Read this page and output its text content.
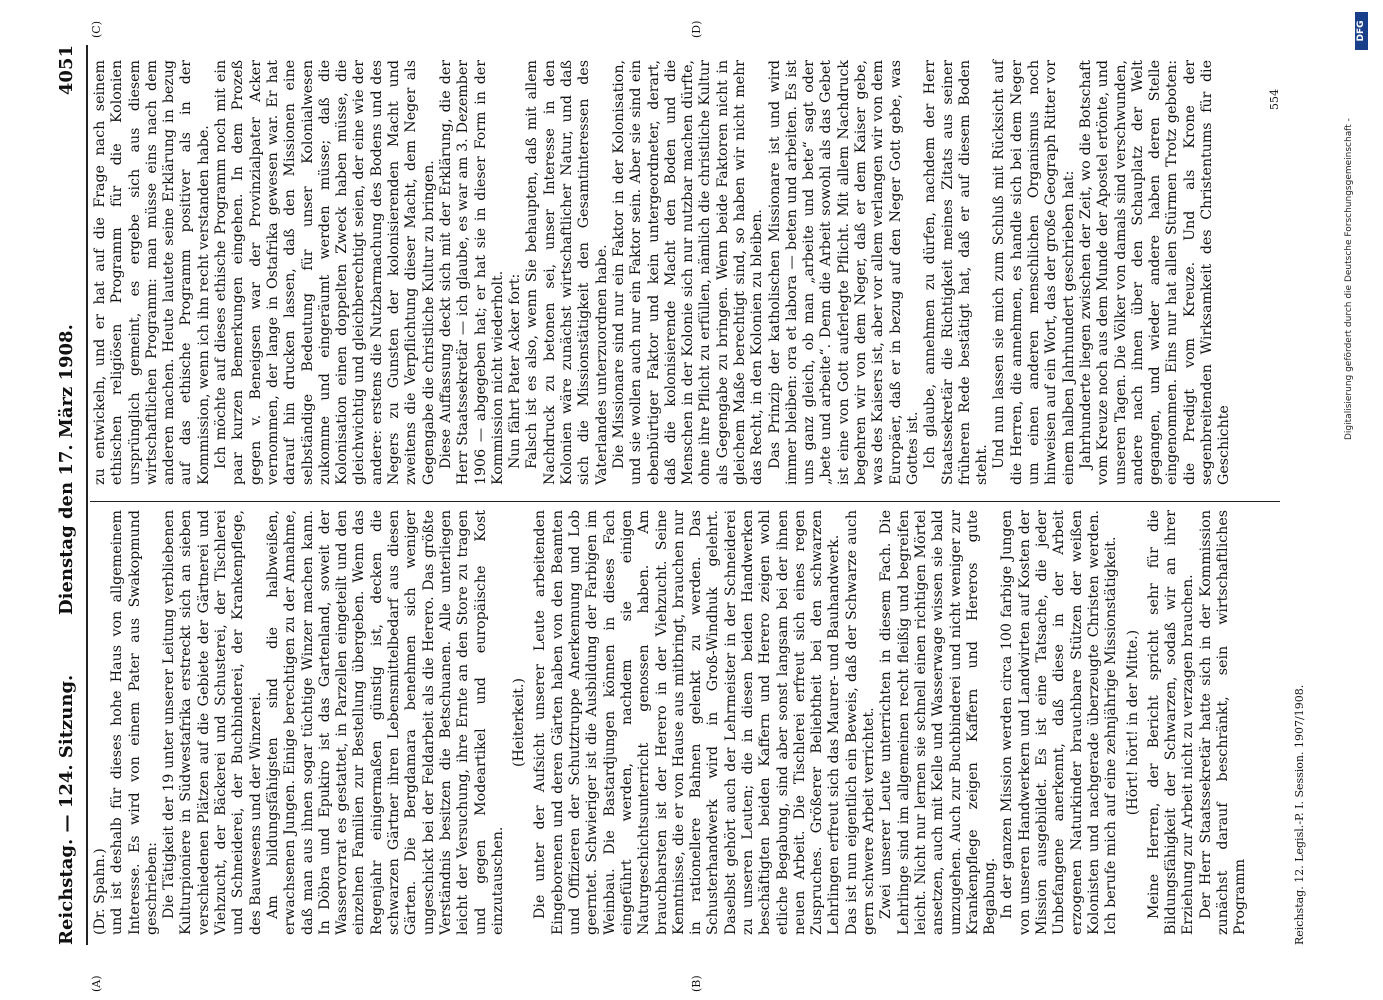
Reichstag. — 124. Sitzung.
Dienstag den 17. März 1908.
4051
(A)	(B)
(C)	(D)

(Dr. Spahn.) und ist deshalb für dieses hohe Haus von allgemeinem Interesse. Es wird von einem Pater aus Swakopmund geschrieben: Die Tätigkeit der 19 unter unserer Leitung verbliebenen Kulturpioniere in Südwestafrika erstreckt sich an sieben verschiedenen Plätzen auf die Gebiete der Gärtnerei und Viehzucht, der Bäckerei und Schusterei, der Tischlerei und Schneiderei, der Buchbinderei, der Krankenpflege, des Bauwesens und der Winzerei. Am bildungsfähigsten sind die halbweißen, erwachsenen Jungen. Einige berechtigen zu der Annahme, daß man aus ihnen sogar tüchtige Winzer machen kann. In Döbra und Epukiro ist das Gartenland, soweit der Wasservorrat es gestattet, in Parzellen eingeteilt und den einzelnen Familien zur Bestellung übergeben. Wenn das Regenjahr einigermaßen günstig ist, decken die schwarzen Gärtner ihren Lebensmittelbedarf aus diesen Gärten. Die Bergdamara benehmen sich weniger ungeschickt bei der Feldarbeit als die Herero. Das größte Verständnis besitzen die Betschuanen. Alle unterliegen leicht der Versuchung, ihre Ernte an den Store zu tragen und gegen Modeartikel und europäische Kost einzutauschen.

(Heiterkeit.) Die unter der Aufsicht unserer Leute arbeitenden Eingeborenen und deren Gärten haben von den Beamten und Offizieren der Schutztruppe Anerkennung und Lob geerntet. Schwieriger ist die Ausbildung der Farbigen im Weinbau. Die Bastardjungen können in dieses Fach eingeführt werden, nachdem sie einigen Naturgeschichtsunterricht genossen haben. Am brauchbarsten ist der Herero in der Viehzucht. Seine Kenntnisse, die er von Hause aus mitbringt, brauchen nur in rationellere Bahnen gelenkt zu werden. Das Schusterhandwerk wird in Groß-Windhuk gelehrt. Daselbst gehört auch der Lehrmeister in der Schneiderei zu unseren Leuten; die in diesen beiden Handwerken beschäftigten beiden Kaffern und Herero zeigen wohl etliche Begabung, sind aber sonst langsam bei der ihnen neuen Arbeit. Die Tischlerei erfreut sich eines regen Zuspruches. Größerer Beliebtheit bei den schwarzen Lehrlingen erfreut sich das Maurer- und Bauhandwerk. Das ist nun eigentlich ein Beweis, daß der Schwarze auch gern schwere Arbeit verrichtet. Zwei unserer Leute unterrichten in diesem Fach. Die Lehrlinge sind im allgemeinen recht fleißig und begreifen leicht. Nicht nur lernen sie schnell einen richtigen Mörtel ansetzen, auch mit Kelle und Wasserwage wissen sie bald umzugehen. Auch zur Buchbinderei und nicht weniger zur Krankenpflege zeigen Kaffern und Hereros gute Begabung. In der ganzen Mission werden circa 100 farbige Jungen von unseren Handwerkern und Landwirten auf Kosten der Mission ausgebildet. Es ist eine Tatsache, die jeder Unbefangene anerkennt, daß diese in der Arbeit erzogenen Naturkinder brauchbare Stützen der weißen Kolonisten und nachgerade überzeugte Christen werden. Ich berufe mich auf eine zehnjährige Missionstätigkeit. (Hört! hört! in der Mitte.) Meine Herren, der Bericht spricht sehr für die Bildungsfähigkeit der Schwarzen, sodaß wir an ihrer Erziehung zur Arbeit nicht zu verzagen brauchen. Der Herr Staatssekretär hatte sich in der Kommission zunächst darauf beschränkt, sein wirtschaftliches Programm

zu entwickeln, und er hat auf die Frage nach seinem ethischen religiösen Programm für die Kolonien ursprünglich gemeint, es ergebe sich aus diesem wirtschaftlichen Programm: man müsse eins nach dem anderen machen. Heute lautete seine Erklärung in bezug auf das ethische Programm positiver als in der Kommission, wenn ich ihn recht verstanden habe. Ich möchte auf dieses ethische Programm noch mit ein paar kurzen Bemerkungen eingehen. In dem Prozeß gegen v. Beneigsen war der Provinzialpater Acker vernommen, der lange in Ostafrika gewesen war. Er hat darauf hin drucken lassen, daß den Missionen eine selbständige Bedeutung für unser Kolonialwesen zukomme und eingeräumt werden müsse; daß die Kolonisation einen doppelten Zweck haben müsse, die gleichwichtig und gleichberechtigt seien, der eine wie der andere: erstens die Nutzbarmachung des Bodens und des Negers zu Gunsten der kolonisierenden Macht und zweitens die Verpflichtung dieser Macht, dem Neger als Gegengabe die christliche Kultur zu bringen. Diese Auffassung deckt sich mit der Erklärung, die der Herr Staatssekretär — ich glaube, es war am 3. Dezember 1906 — abgegeben hat; er hat sie in dieser Form in der Kommission nicht wiederholt. Nun fährt Pater Acker fort: Falsch ist es also, wenn Sie behaupten, daß mit allem Nachdruck zu betonen sei, unser Interesse in den Kolonien wäre zunächst wirtschaftlicher Natur, und daß sich die Missionstätigkeit den Gesamtinteressen des Vaterlandes unterzuordnen habe. Die Missionare sind nur ein Faktor in der Kolonisation, und sie wollen auch nur ein Faktor sein. Aber sie sind ein ebenbürtiger Faktor und kein untergeordneter, derart, daß die kolonisierende Macht den Boden und die Menschen in der Kolonie sich nur nutzbar machen dürfte, ohne ihre Pflicht zu erfüllen, nämlich die christliche Kultur als Gegengabe zu bringen. Wenn beide Faktoren nicht in gleichem Maße berechtigt sind, so haben wir nicht mehr das Recht, in den Kolonien zu bleiben. Das Prinzip der katholischen Missionare ist und wird immer bleiben: ora et labora — beten und arbeiten. Es ist uns ganz gleich, ob man „arbeite und bete“ sagt oder „bete und arbeite“. Denn die Arbeit sowohl als das Gebet ist eine von Gott auferlegte Pflicht. Mit allem Nachdruck begehren wir von dem Neger, daß er dem Kaiser gebe, was des Kaisers ist, aber vor allem verlangen wir von dem Europäer, daß er in bezug auf den Neger Gott gebe, was Gottes ist. Ich glaube, annehmen zu dürfen, nachdem der Herr Staatssekretär die Richtigkeit meines Zitats aus seiner früheren Rede bestätigt hat, daß er auf diesem Boden steht. Und nun lassen sie mich zum Schluß mit Rücksicht auf die Herren, die annehmen, es handle sich bei dem Neger um einen anderen menschlichen Organismus noch hinweisen auf ein Wort, das der große Geograph Ritter vor einem halben Jahrhundert geschrieben hat: Jahrhunderte liegen zwischen der Zeit, wo die Botschaft vom Kreuze noch aus dem Munde der Apostel ertönte, und unseren Tagen. Die Völker von damals sind verschwunden, andere nach ihnen über den Schauplatz der Welt gegangen, und wieder andere haben deren Stelle eingenommen. Eins nur hat allen Stürmen Trotz geboten: die Predigt vom Kreuze. Und als Krone der segenbreitenden Wirksamkeit des Christentums für die Geschichte

Reichstag. 12. Legisl.-P. I. Session. 1907/1908.
554
Digitalisierung gefördert durch die Deutsche Forschungsgemeinschaft -
DFG
